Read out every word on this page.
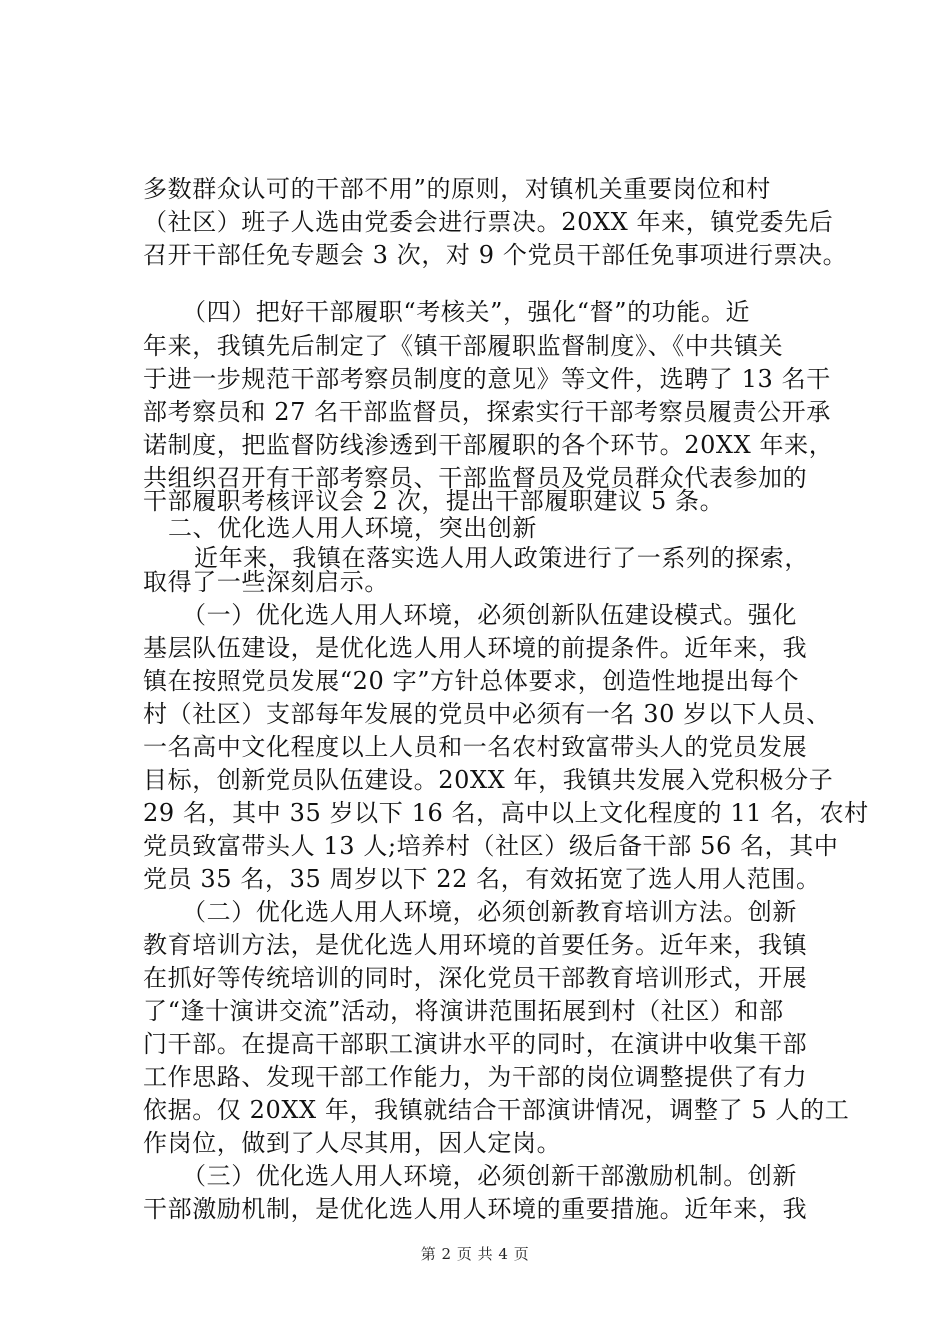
多数群众认可的干部不用”的原则，对镇机关重要岗位和村
（社区）班子人选由党委会进行票决。20XX 年来，镇党委先后
召开干部任免专题会 3 次，对 9 个党员干部任免事项进行票决。
（四）把好干部履职“考核关”，强化“督”的功能。近
年来，我镇先后制定了《镇干部履职监督制度》、《中共镇关
于进一步规范干部考察员制度的意见》等文件，选聘了 13 名干
部考察员和 27 名干部监督员，探索实行干部考察员履责公开承
诺制度，把监督防线渗透到干部履职的各个环节。20XX 年来，
共组织召开有干部考察员、干部监督员及党员群众代表参加的
干部履职考核评议会 2 次，提出干部履职建议 5 条。
二、优化选人用人环境，突出创新
近年来，我镇在落实选人用人政策进行了一系列的探索，
取得了一些深刻启示。
（一）优化选人用人环境，必须创新队伍建设模式。强化
基层队伍建设，是优化选人用人环境的前提条件。近年来，我
镇在按照党员发展“20 字”方针总体要求，创造性地提出每个
村（社区）支部每年发展的党员中必须有一名 30 岁以下人员、
一名高中文化程度以上人员和一名农村致富带头人的党员发展
目标，创新党员队伍建设。20XX 年，我镇共发展入党积极分子
29 名，其中 35 岁以下 16 名，高中以上文化程度的 11 名，农村
党员致富带头人 13 人;培养村（社区）级后备干部 56 名，其中
党员 35 名，35 周岁以下 22 名，有效拓宽了选人用人范围。
（二）优化选人用人环境，必须创新教育培训方法。创新
教育培训方法，是优化选人用环境的首要任务。近年来，我镇
在抓好等传统培训的同时，深化党员干部教育培训形式，开展
了“逢十演讲交流”活动，将演讲范围拓展到村（社区）和部
门干部。在提高干部职工演讲水平的同时，在演讲中收集干部
工作思路、发现干部工作能力，为干部的岗位调整提供了有力
依据。仅 20XX 年，我镇就结合干部演讲情况，调整了 5 人的工
作岗位，做到了人尽其用，因人定岗。
（三）优化选人用人环境，必须创新干部激励机制。创新
干部激励机制，是优化选人用人环境的重要措施。近年来，我
第 2 页 共 4 页
